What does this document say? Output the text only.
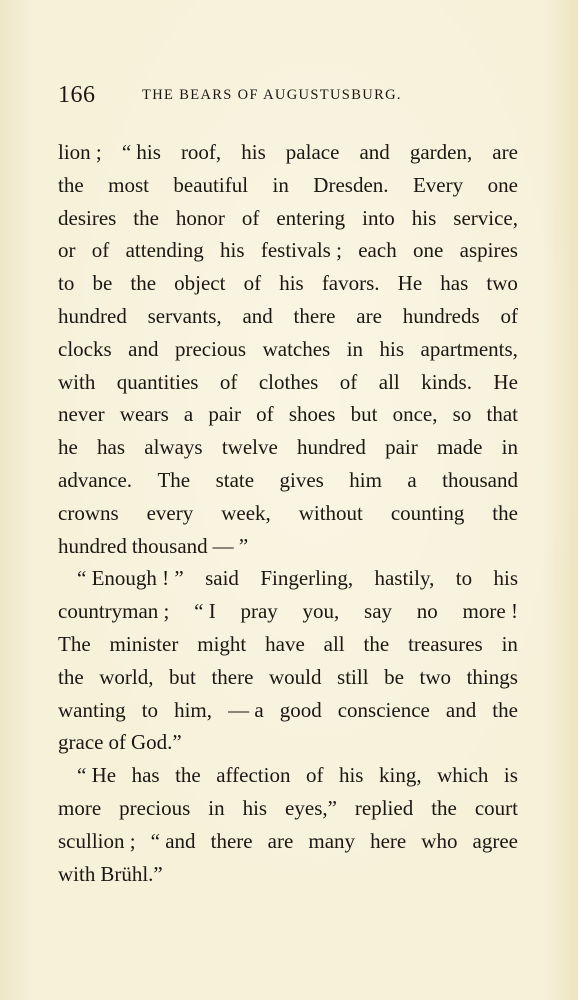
166	THE BEARS OF AUGUSTUSBURG.
lion ; “ his roof, his palace and garden, are
the most beautiful in Dresden. Every one
desires the honor of entering into his service,
or of attending his festivals ; each one aspires
to be the object of his favors. He has two
hundred servants, and there are hundreds of
clocks and precious watches in his apartments,
with quantities of clothes of all kinds. He
never wears a pair of shoes but once, so that
he has always twelve hundred pair made in
advance. The state gives him a thousand
crowns every week, without counting the
hundred thousand — ”
“ Enough ! ” said Fingerling, hastily, to his
countryman ; “ I pray you, say no more !
The minister might have all the treasures in
the world, but there would still be two things
wanting to him, — a good conscience and the
grace of God.”
“ He has the affection of his king, which is
more precious in his eyes,” replied the court
scullion ; “ and there are many here who agree
with Brühl.”
